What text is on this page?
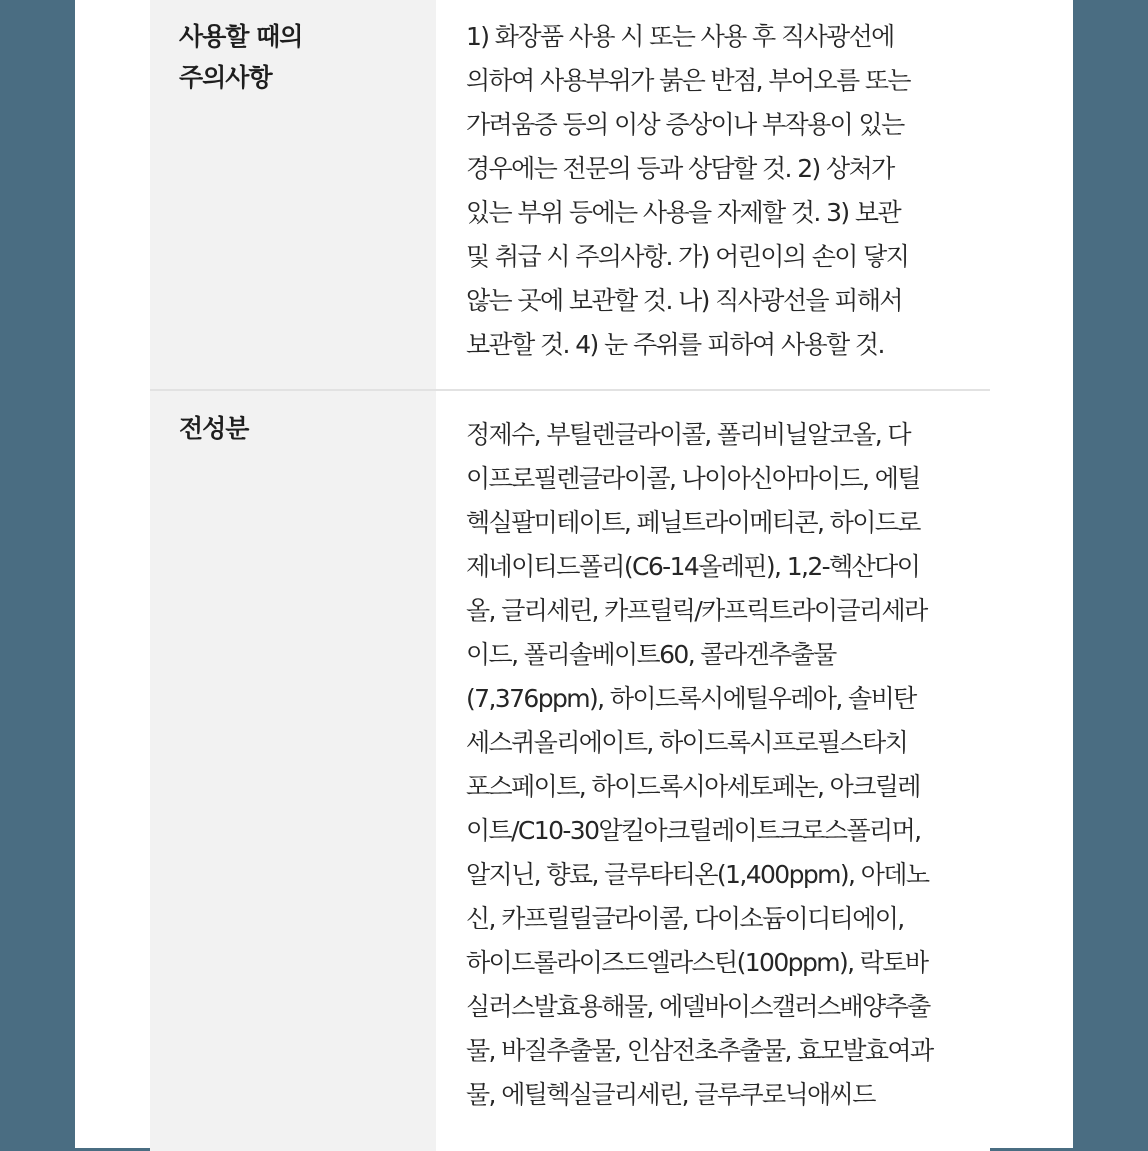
사용할 때의
주의사항
1) 화장품 사용 시 또는 사용 후 직사광선에
의하여 사용부위가 붉은 반점, 부어오름 또는
가려움증 등의 이상 증상이나 부작용이 있는
경우에는 전문의 등과 상담할 것. 2) 상처가
있는 부위 등에는 사용을 자제할 것. 3) 보관
및 취급 시 주의사항. 가) 어린이의 손이 닿지
않는 곳에 보관할 것. 나) 직사광선을 피해서
보관할 것. 4) 눈 주위를 피하여 사용할 것.
전성분	정제수, 부틸렌글라이콜, 폴리비닐알코올, 다
이프로필렌글라이콜, 나이아신아마이드, 에틸
헥실팔미테이트, 페닐트라이메티콘, 하이드로
제네이티드폴리(C6-14올레핀), 1,2-헥산다이
올, 글리세린, 카프릴릭/카프릭트라이글리세라
이드, 폴리솔베이트60, 콜라겐추출물
(7,376ppm), 하이드록시에틸우레아, 솔비탄
세스퀴올리에이트, 하이드록시프로필스타치
포스페이트, 하이드록시아세토페논, 아크릴레
이트/C10-30알킬아크릴레이트크로스폴리머,
알지닌, 향료, 글루타티온(1,400ppm), 아데노
신, 카프릴릴글라이콜, 다이소듐이디티에이,
하이드롤라이즈드엘라스틴(100ppm), 락토바
실러스발효용해물, 에델바이스캘러스배양추출
물, 바질추출물, 인삼전초추출물, 효모발효여과
물, 에틸헥실글리세린, 글루쿠로닉애씨드
